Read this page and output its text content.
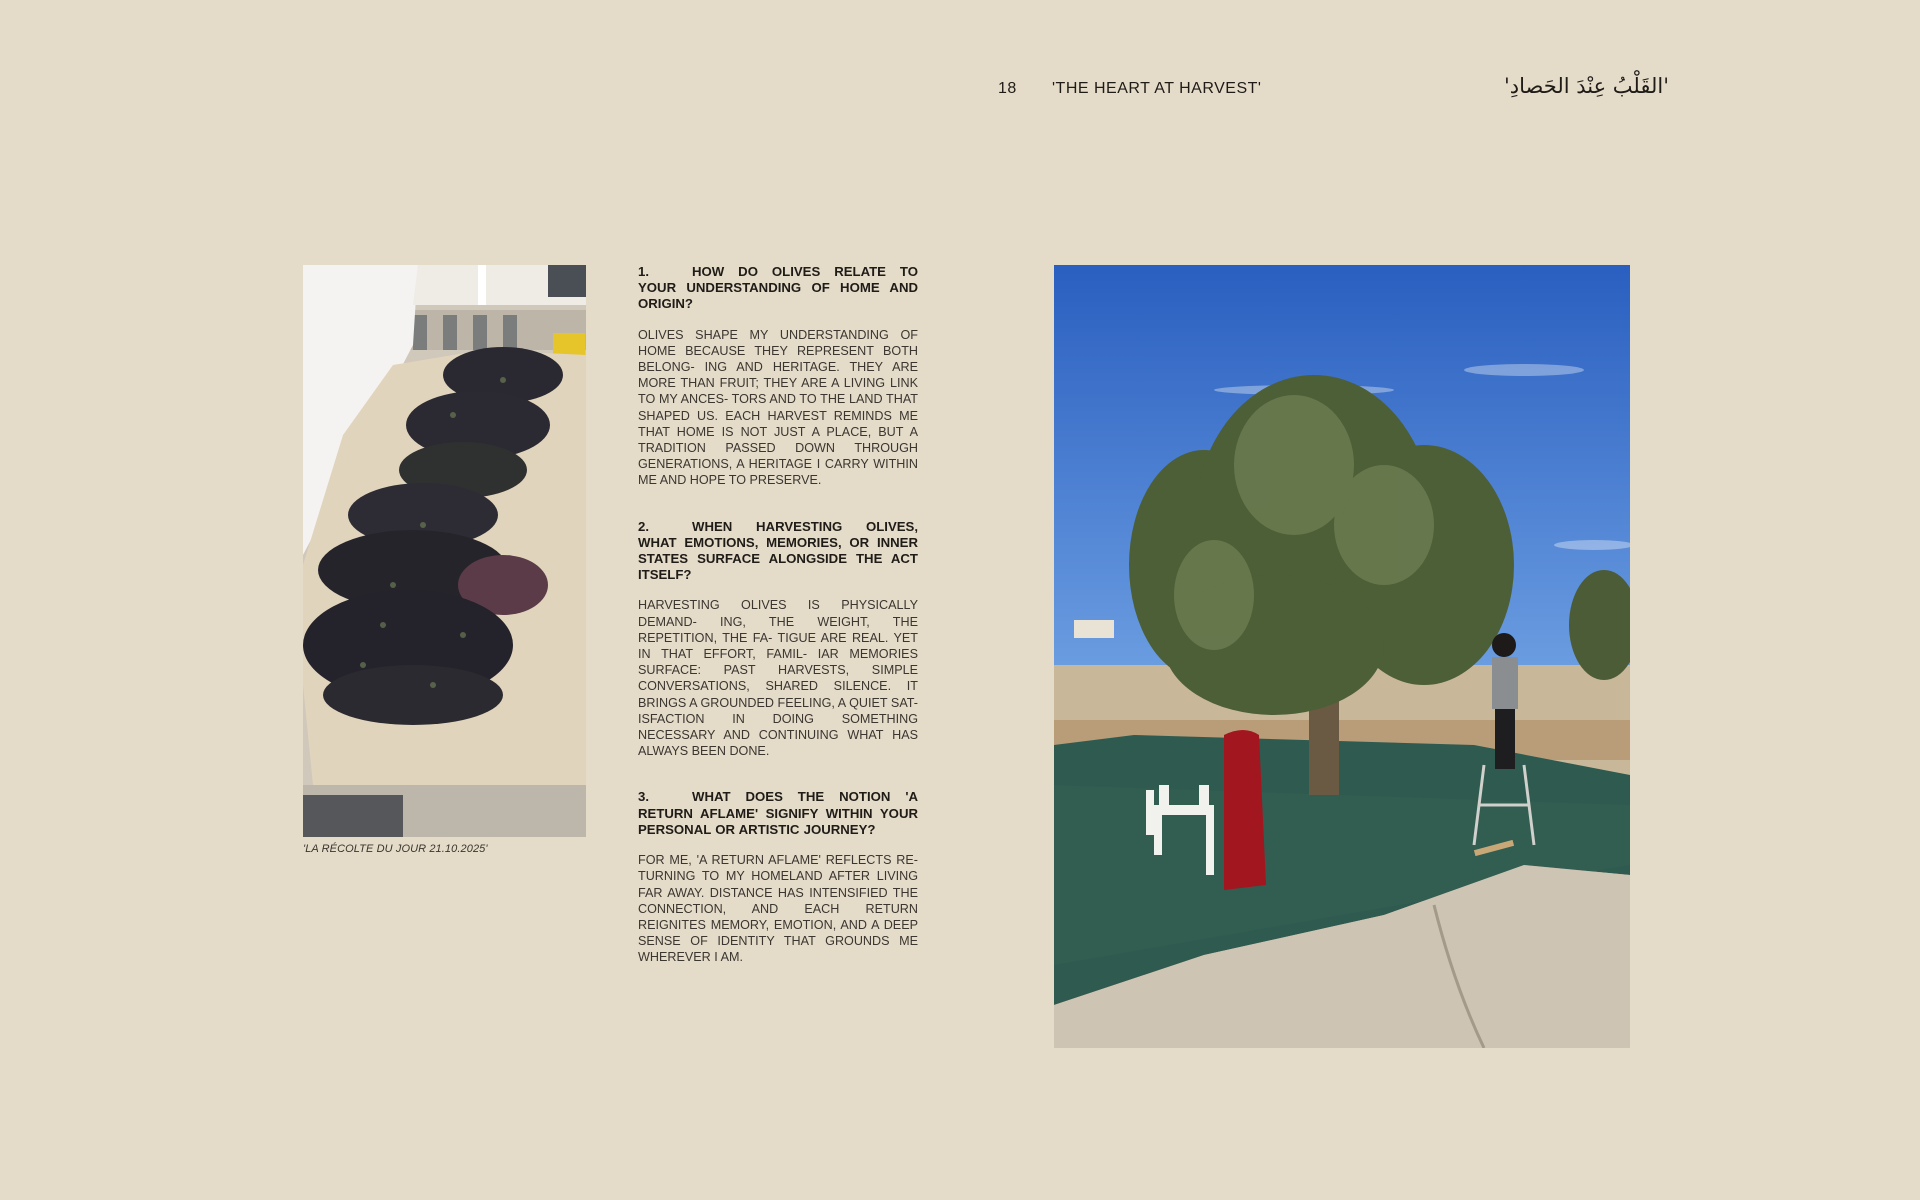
18 'THE HEART AT HARVEST'	'القَلْبُ عِنْدَ الحَصادِ'
'LA RÉCOLTE DU JOUR 21.10.2025'

1.	HOW DO OLIVES RELATE TO YOUR UNDERSTANDING OF HOME AND ORIGIN?

OLIVES SHAPE MY UNDERSTANDING OF HOME BECAUSE THEY REPRESENT BOTH BELONG- ING AND HERITAGE. THEY ARE MORE THAN FRUIT; THEY ARE A LIVING LINK TO MY ANCES- TORS AND TO THE LAND THAT SHAPED US. EACH HARVEST REMINDS ME THAT HOME IS NOT JUST A PLACE, BUT A TRADITION PASSED DOWN THROUGH GENERATIONS, A HERITAGE I CARRY WITHIN ME AND HOPE TO PRESERVE.

2.	WHEN HARVESTING OLIVES, WHAT EMOTIONS, MEMORIES, OR INNER STATES SURFACE ALONGSIDE THE ACT ITSELF?

HARVESTING OLIVES IS PHYSICALLY DEMAND- ING, THE WEIGHT, THE REPETITION, THE FA- TIGUE ARE REAL. YET IN THAT EFFORT, FAMIL- IAR MEMORIES SURFACE: PAST HARVESTS, SIMPLE CONVERSATIONS, SHARED SILENCE. IT BRINGS A GROUNDED FEELING, A QUIET SAT- ISFACTION IN DOING SOMETHING NECESSARY AND CONTINUING WHAT HAS ALWAYS BEEN DONE.

3.	WHAT DOES THE NOTION 'A RETURN AFLAME' SIGNIFY WITHIN YOUR PERSONAL OR ARTISTIC JOURNEY?

FOR ME, 'A RETURN AFLAME' REFLECTS RE- TURNING TO MY HOMELAND AFTER LIVING FAR AWAY. DISTANCE HAS INTENSIFIED THE CONNECTION, AND EACH RETURN REIGNITES MEMORY, EMOTION, AND A DEEP SENSE OF IDENTITY THAT GROUNDS ME WHEREVER I AM.
